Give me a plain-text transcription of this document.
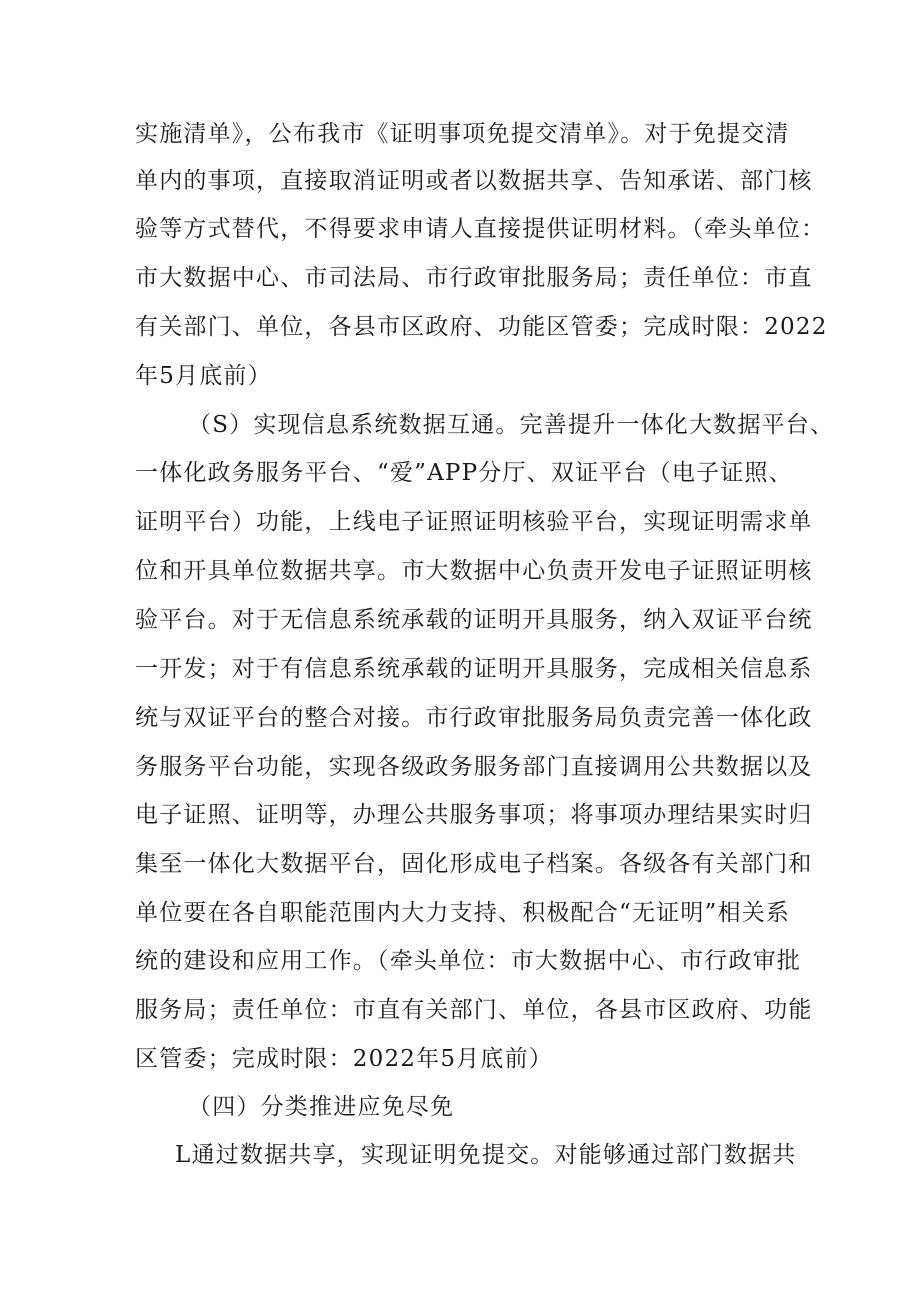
实施清单》，公布我市《证明事项免提交清单》。对于免提交清
单内的事项，直接取消证明或者以数据共享、告知承诺、部门核
验等方式替代，不得要求申请人直接提供证明材料。（牵头单位：
市大数据中心、市司法局、市行政审批服务局；责任单位：市直
有关部门、单位，各县市区政府、功能区管委；完成时限：2022
年5月底前）
（S）实现信息系统数据互通。完善提升一体化大数据平台、
一体化政务服务平台、“爱”APP分厅、双证平台（电子证照、
证明平台）功能，上线电子证照证明核验平台，实现证明需求单
位和开具单位数据共享。市大数据中心负责开发电子证照证明核
验平台。对于无信息系统承载的证明开具服务，纳入双证平台统
一开发；对于有信息系统承载的证明开具服务，完成相关信息系
统与双证平台的整合对接。市行政审批服务局负责完善一体化政
务服务平台功能，实现各级政务服务部门直接调用公共数据以及
电子证照、证明等，办理公共服务事项；将事项办理结果实时归
集至一体化大数据平台，固化形成电子档案。各级各有关部门和
单位要在各自职能范围内大力支持、积极配合“无证明”相关系
统的建设和应用工作。（牵头单位：市大数据中心、市行政审批
服务局；责任单位：市直有关部门、单位，各县市区政府、功能
区管委；完成时限：2022年5月底前）
（四）分类推进应免尽免
L通过数据共享，实现证明免提交。对能够通过部门数据共
